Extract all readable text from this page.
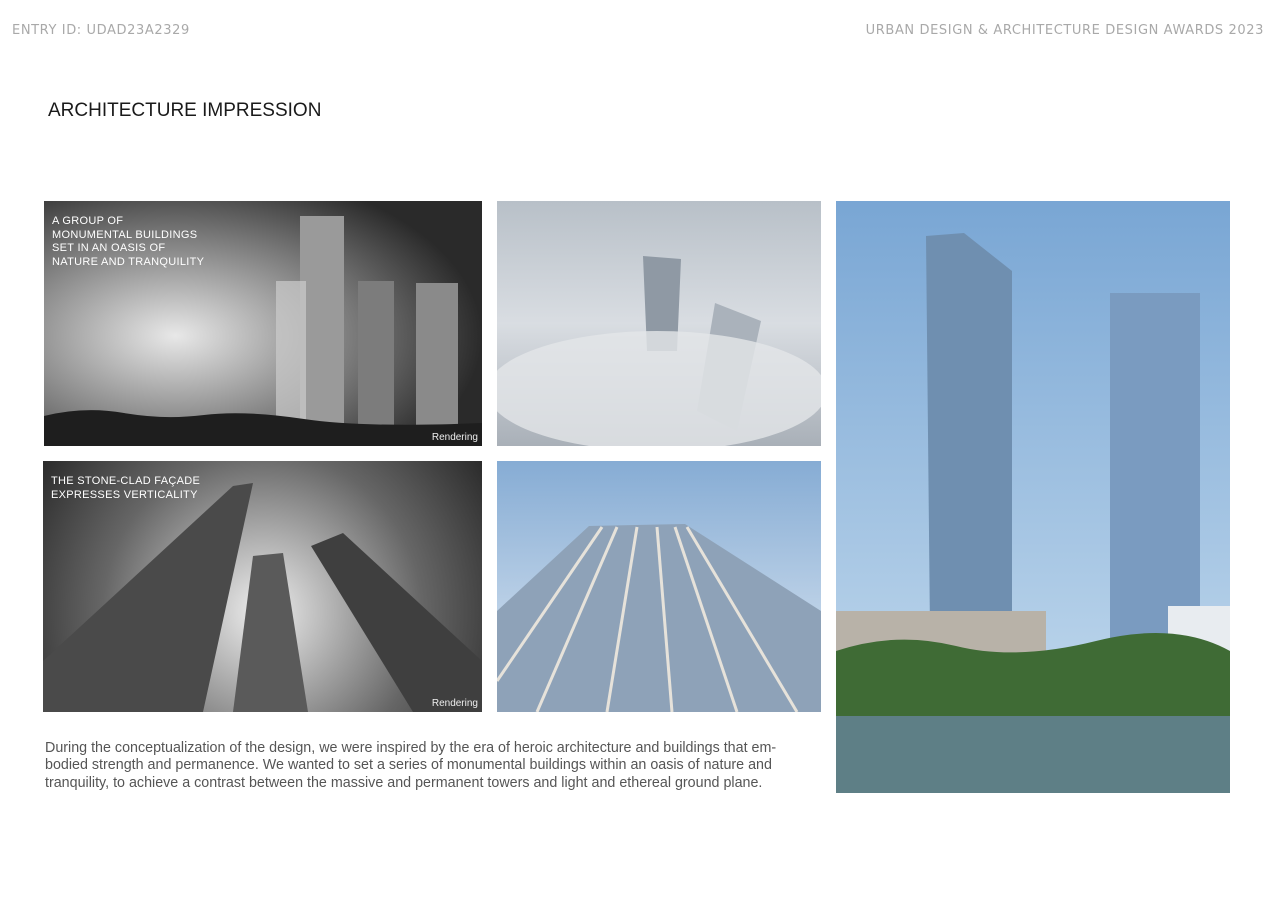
ENTRY ID: UDAD23A2329	URBAN DESIGN & ARCHITECTURE DESIGN AWARDS 2023
ARCHITECTURE IMPRESSION
A GROUP OF
MONUMENTAL BUILDINGS
SET IN AN OASIS OF
NATURE AND TRANQUILITY
Rendering
THE STONE-CLAD FAÇADE
EXPRESSES VERTICALITY
Rendering
During the conceptualization of the design, we were inspired by the era of heroic architecture and buildings that em-bodied strength and permanence. We wanted to set a series of monumental buildings within an oasis of nature and tranquility, to achieve a contrast between the massive and permanent towers and light and ethereal ground plane.
